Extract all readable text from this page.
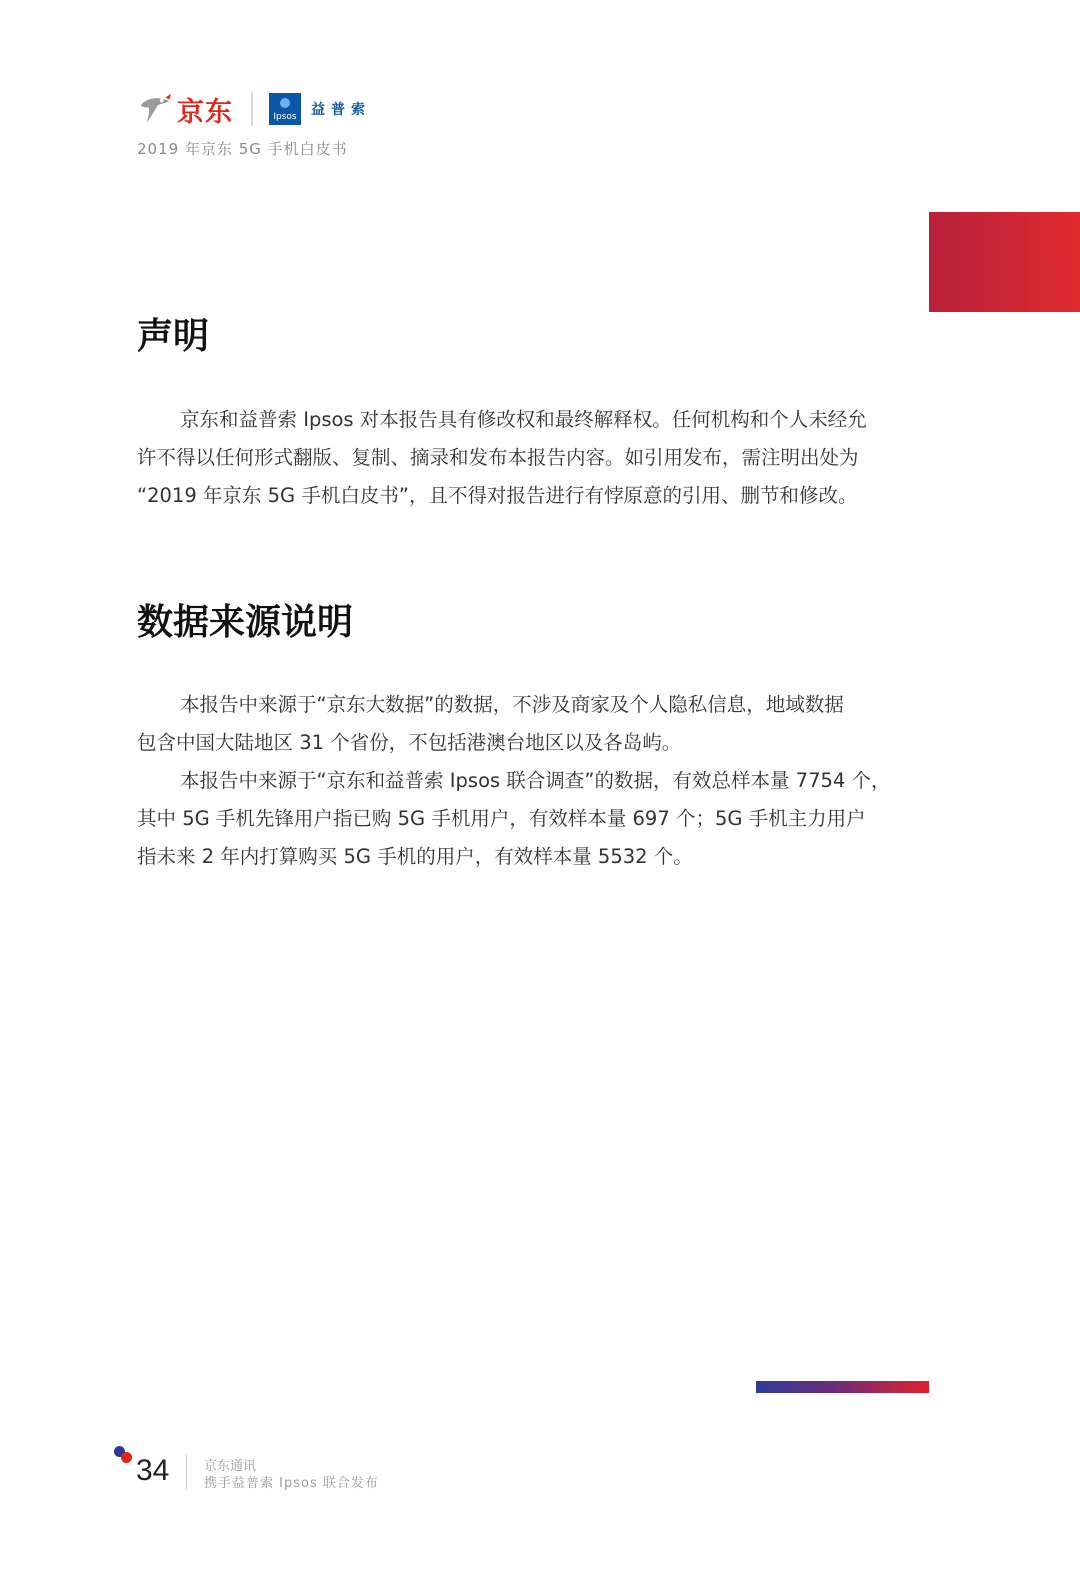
京东	Ipsos 益普索
2019 年京东 5G 手机白皮书
声明

京东和益普索 Ipsos 对本报告具有修改权和最终解释权。任何机构和个人未经允
许不得以任何形式翻版、复制、摘录和发布本报告内容。如引用发布，需注明出处为
“2019 年京东 5G 手机白皮书”，且不得对报告进行有悖原意的引用、删节和修改。

数据来源说明

本报告中来源于“京东大数据”的数据，不涉及商家及个人隐私信息，地域数据
包含中国大陆地区 31 个省份，不包括港澳台地区以及各岛屿。
本报告中来源于“京东和益普索 Ipsos 联合调查”的数据，有效总样本量 7754 个，
其中 5G 手机先锋用户指已购 5G 手机用户，有效样本量 697 个；5G 手机主力用户
指未来 2 年内打算购买 5G 手机的用户，有效样本量 5532 个。

34	京东通讯
携手益普索 Ipsos 联合发布
